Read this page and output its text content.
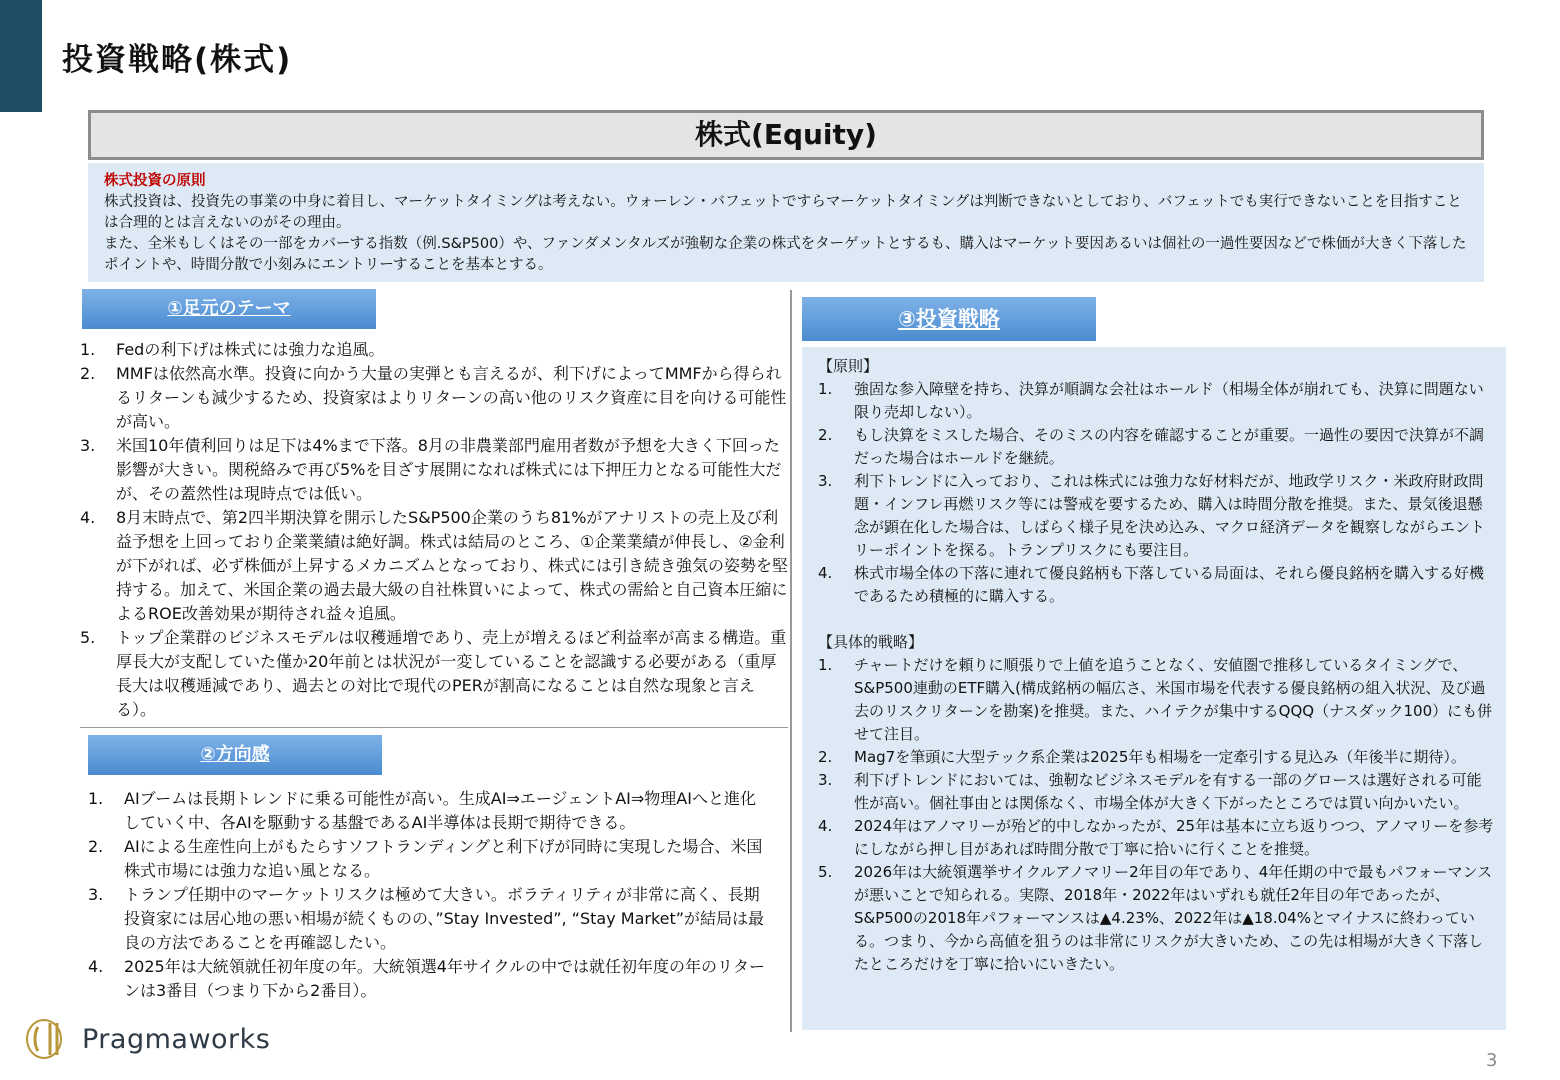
投資戦略(株式)
株式(Equity)
株式投資の原則

株式投資は、投資先の事業の中身に着目し、マーケットタイミングは考えない。ウォーレン・バフェットですらマーケットタイミングは判断できないとしており、バフェットでも実行できないことを目指すことは合理的とは言えないのがその理由。

また、全米もしくはその一部をカバーする指数（例.S&P500）や、ファンダメンタルズが強靭な企業の株式をターゲットとするも、購入はマーケット要因あるいは個社の一過性要因などで株価が大きく下落したポイントや、時間分散で小刻みにエントリーすることを基本とする。

①足元のテーマ
1.	Fedの利下げは株式には強力な追風。
2.	MMFは依然高水準。投資に向かう大量の実弾とも言えるが、利下げによってMMFから得られるリターンも減少するため、投資家はよりリターンの高い他のリスク資産に目を向ける可能性が高い。
3.	米国10年債利回りは足下は4%まで下落。8月の非農業部門雇用者数が予想を大きく下回った影響が大きい。関税絡みで再び5%を目ざす展開になれば株式には下押圧力となる可能性大だが、その蓋然性は現時点では低い。
4.	8月末時点で、第2四半期決算を開示したS&P500企業のうち81%がアナリストの売上及び利益予想を上回っており企業業績は絶好調。株式は結局のところ、①企業業績が伸長し、②金利が下がれば、必ず株価が上昇するメカニズムとなっており、株式には引き続き強気の姿勢を堅持する。加えて、米国企業の過去最大級の自社株買いによって、株式の需給と自己資本圧縮によるROE改善効果が期待され益々追風。
5.	トップ企業群のビジネスモデルは収穫逓増であり、売上が増えるほど利益率が高まる構造。重厚長大が支配していた僅か20年前とは状況が一変していることを認識する必要がある（重厚長大は収穫逓減であり、過去との対比で現代のPERが割高になることは自然な現象と言える）。
②方向感
1.	AIブームは長期トレンドに乗る可能性が高い。生成AI⇒エージェントAI⇒物理AIへと進化していく中、各AIを駆動する基盤であるAI半導体は長期で期待できる。
2.	AIによる生産性向上がもたらすソフトランディングと利下げが同時に実現した場合、米国株式市場には強力な追い風となる。
3.	トランプ任期中のマーケットリスクは極めて大きい。ボラティリティが非常に高く、長期投資家には居心地の悪い相場が続くものの、”Stay Invested”, “Stay Market”が結局は最良の方法であることを再確認したい。
4.	2025年は大統領就任初年度の年。大統領選4年サイクルの中では就任初年度の年のリターンは3番目（つまり下から2番目）。
③投資戦略
【原則】
1.	強固な参入障壁を持ち、決算が順調な会社はホールド（相場全体が崩れても、決算に問題ない限り売却しない）。
2.	もし決算をミスした場合、そのミスの内容を確認することが重要。一過性の要因で決算が不調だった場合はホールドを継続。
3.	利下トレンドに入っており、これは株式には強力な好材料だが、地政学リスク・米政府財政問題・インフレ再燃リスク等には警戒を要するため、購入は時間分散を推奨。また、景気後退懸念が顕在化した場合は、しばらく様子見を決め込み、マクロ経済データを観察しながらエントリーポイントを探る。トランプリスクにも要注目。
4.	株式市場全体の下落に連れて優良銘柄も下落している局面は、それら優良銘柄を購入する好機であるため積極的に購入する。
【具体的戦略】
1.	チャートだけを頼りに順張りで上値を追うことなく、安値圏で推移しているタイミングで、S&P500連動のETF購入(構成銘柄の幅広さ、米国市場を代表する優良銘柄の組入状況、及び過去のリスクリターンを勘案)を推奨。また、ハイテクが集中するQQQ（ナスダック100）にも併せて注目。
2.	Mag7を筆頭に大型テック系企業は2025年も相場を一定牽引する見込み（年後半に期待）。
3.	利下げトレンドにおいては、強靭なビジネスモデルを有する一部のグロースは選好される可能性が高い。個社事由とは関係なく、市場全体が大きく下がったところでは買い向かいたい。
4.	2024年はアノマリーが殆ど的中しなかったが、25年は基本に立ち返りつつ、アノマリーを参考にしながら押し目があれば時間分散で丁寧に拾いに行くことを推奨。
5.	2026年は大統領選挙サイクルアノマリー2年目の年であり、4年任期の中で最もパフォーマンスが悪いことで知られる。実際、2018年・2022年はいずれも就任2年目の年であったが、S&P500の2018年パフォーマンスは▲4.23%、2022年は▲18.04%とマイナスに終わっている。つまり、今から高値を狙うのは非常にリスクが大きいため、この先は相場が大きく下落したところだけを丁寧に拾いにいきたい。
Pragmaworks
3
